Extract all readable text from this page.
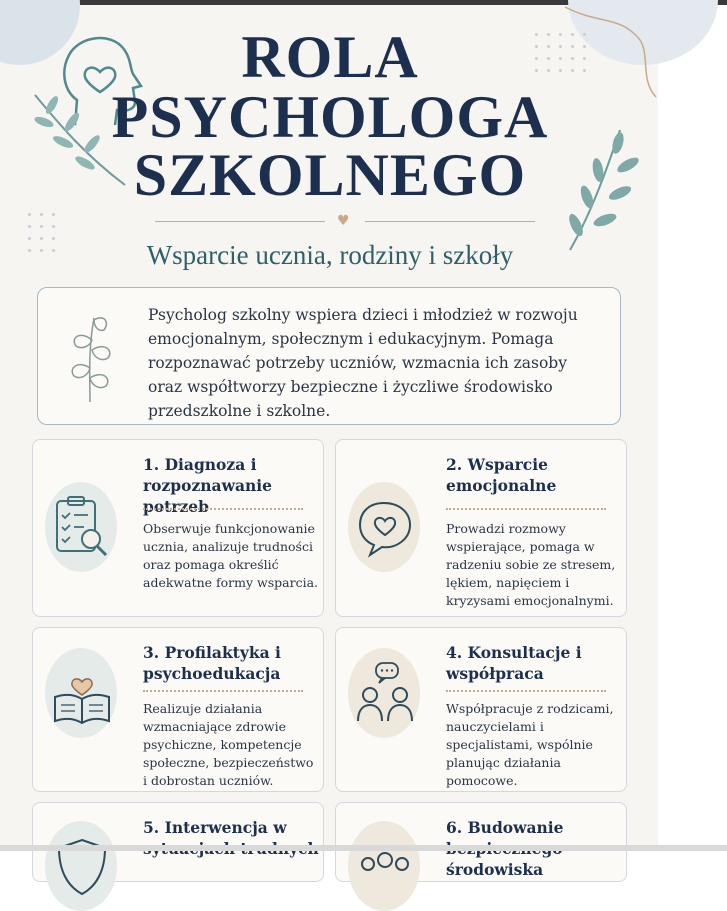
ROLA
PSYCHOLOGA
SZKOLNEGO
♥
Wsparcie ucznia, rodziny i szkoły

Psycholog szkolny wspiera dzieci i młodzież w rozwoju emocjonalnym, społecznym i edukacyjnym. Pomaga rozpoznawać potrzeby uczniów, wzmacnia ich zasoby oraz współtworzy bezpieczne i życzliwe środowisko przedszkolne i szkolne.

1. Diagnoza i rozpoznawanie potrzeb

Obserwuje funkcjonowanie ucznia, analizuje trudności oraz pomaga określić adekwatne formy wsparcia.

2. Wsparcie emocjonalne

Prowadzi rozmowy wspierające, pomaga w radzeniu sobie ze stresem, lękiem, napięciem i kryzysami emocjonalnymi.

3. Profilaktyka i psychoedukacja

Realizuje działania wzmacniające zdrowie psychiczne, kompetencje społeczne, bezpieczeństwo i dobrostan uczniów.

4. Konsultacje i współpraca

Współpracuje z rodzicami, nauczycielami i specjalistami, wspólnie planując działania pomocowe.

5. Interwencja w	6. Budowanie środowiska
